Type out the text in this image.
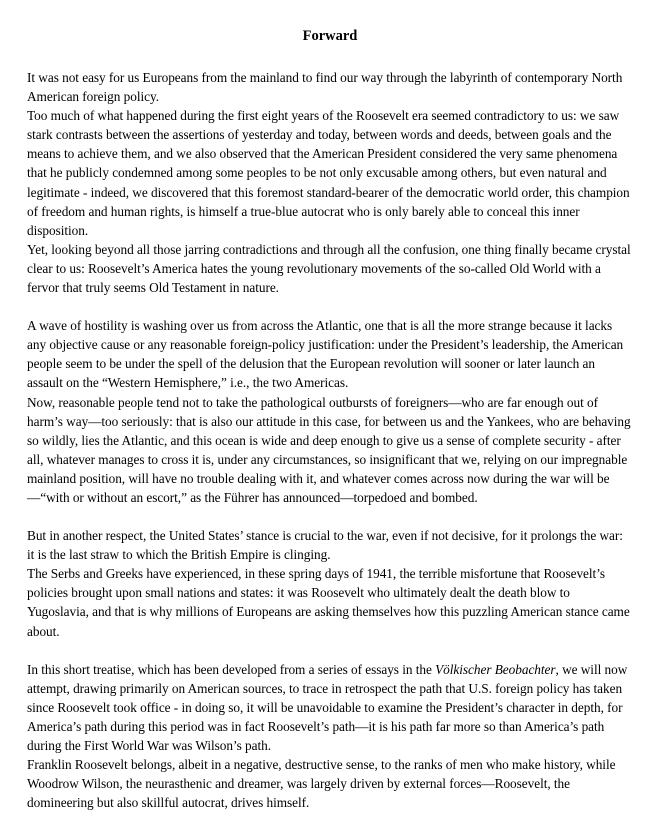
Forward

It was not easy for us Europeans from the mainland to find our way through the labyrinth of contemporary North American foreign policy.

Too much of what happened during the first eight years of the Roosevelt era seemed contradictory to us: we saw stark contrasts between the assertions of yesterday and today, between words and deeds, between goals and the means to achieve them, and we also observed that the American President considered the very same phenomena that he publicly condemned among some peoples to be not only excusable among others, but even natural and legitimate - indeed, we discovered that this foremost standard-bearer of the democratic world order, this champion of freedom and human rights, is himself a true-blue autocrat who is only barely able to conceal this inner disposition.

Yet, looking beyond all those jarring contradictions and through all the confusion, one thing finally became crystal clear to us: Roosevelt’s America hates the young revolutionary movements of the so-called Old World with a fervor that truly seems Old Testament in nature.

A wave of hostility is washing over us from across the Atlantic, one that is all the more strange because it lacks any objective cause or any reasonable foreign-policy justification: under the President’s leadership, the American people seem to be under the spell of the delusion that the European revolution will sooner or later launch an assault on the “Western Hemisphere,” i.e., the two Americas.

Now, reasonable people tend not to take the pathological outbursts of foreigners—who are far enough out of harm’s way—too seriously: that is also our attitude in this case, for between us and the Yankees, who are behaving so wildly, lies the Atlantic, and this ocean is wide and deep enough to give us a sense of complete security - after all, whatever manages to cross it is, under any circumstances, so insignificant that we, relying on our impregnable mainland position, will have no trouble dealing with it, and whatever comes across now during the war will be—“with or without an escort,” as the Führer has announced—torpedoed and bombed.

But in another respect, the United States’ stance is crucial to the war, even if not decisive, for it prolongs the war: it is the last straw to which the British Empire is clinging.

The Serbs and Greeks have experienced, in these spring days of 1941, the terrible misfortune that Roosevelt’s policies brought upon small nations and states: it was Roosevelt who ultimately dealt the death blow to Yugoslavia, and that is why millions of Europeans are asking themselves how this puzzling American stance came about.

In this short treatise, which has been developed from a series of essays in the Völkischer Beobachter, we will now attempt, drawing primarily on American sources, to trace in retrospect the path that U.S. foreign policy has taken since Roosevelt took office - in doing so, it will be unavoidable to examine the President’s character in depth, for America’s path during this period was in fact Roosevelt’s path—it is his path far more so than America’s path during the First World War was Wilson’s path.

Franklin Roosevelt belongs, albeit in a negative, destructive sense, to the ranks of men who make history, while Woodrow Wilson, the neurasthenic and dreamer, was largely driven by external forces—Roosevelt, the domineering but also skillful autocrat, drives himself.
